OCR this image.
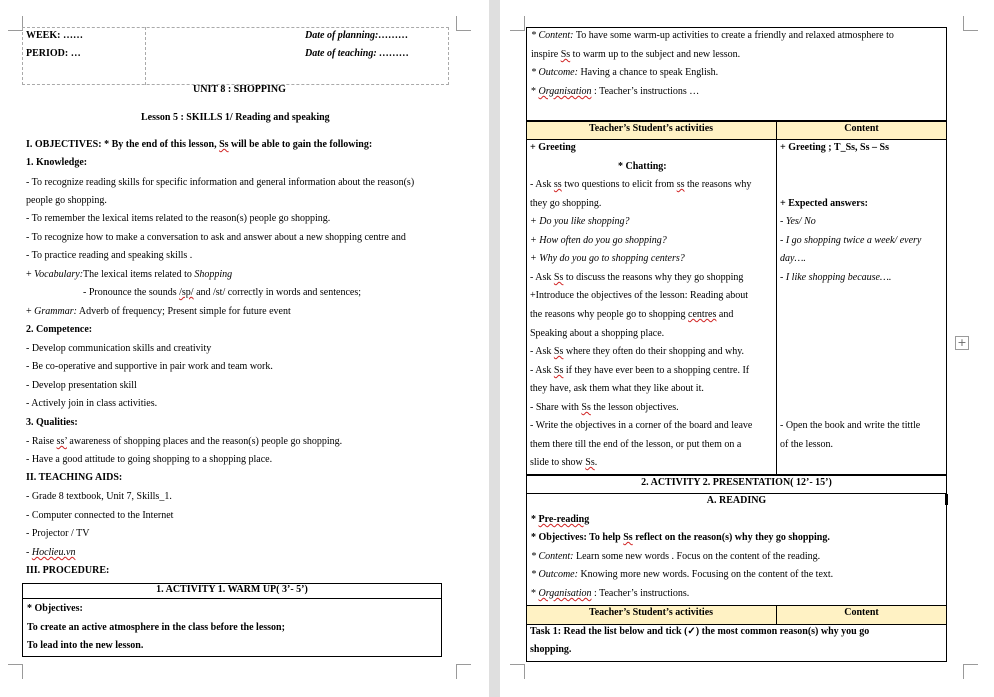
WEEK: ……
PERIOD: …
Date of planning:………
Date of teaching: ………
UNIT 8 : SHOPPING
Lesson 5 : SKILLS 1/ Reading and speaking
I. OBJECTIVES: * By the end of this lesson, Ss will be able to gain the following:
1. Knowledge:
- To recognize reading skills for specific information and general information about the reason(s)
people go shopping.
- To remember the lexical items related to the reason(s) people go shopping.
- To recognize how to make a conversation to ask and answer about a new shopping centre and
- To practice reading and speaking skills .
+ Vocabulary:The lexical items related to Shopping
- Pronounce the sounds /sp/ and /st/ correctly in words and sentences;
+ Grammar: Adverb of frequency; Present simple for future event
2. Competence:
- Develop communication skills and creativity
- Be co-operative and supportive in pair work and team work.
- Develop presentation skill
- Actively join in class activities.
3. Qualities:
- Raise ss’ awareness of shopping places and the reason(s) people go shopping.
- Have a good attitude to going shopping to a shopping place.
II. TEACHING AIDS:
- Grade 8 textbook, Unit 7, Skills_1.
- Computer connected to the Internet
- Projector / TV
- Hoclieu.vn
III. PROCEDURE:
1. ACTIVITY 1. WARM UP( 3’- 5’)
* Objectives:
To create an active atmosphere in the class before the lesson;
To lead into the new lesson.
* Content: To have some warm-up activities to create a friendly and relaxed atmosphere to
inspire Ss to warm up to the subject and new lesson.
* Outcome: Having a chance to speak English.
* Organisation : Teacher’s instructions …
Teacher’s Student’s activities	Content
+ Greeting
* Chatting:
- Ask ss two questions to elicit from ss the reasons why
they go shopping.
+ Do you like shopping?
+ How often do you go shopping?
+ Why do you go to shopping centers?
- Ask Ss to discuss the reasons why they go shopping
+Introduce the objectives of the lesson: Reading about
the reasons why people go to shopping centres and
Speaking about a shopping place.
- Ask Ss where they often do their shopping and why.
- Ask Ss if they have ever been to a shopping centre. If
they have, ask them what they like about it.
- Share with Ss the lesson objectives.
- Write the objectives in a corner of the board and leave
them there till the end of the lesson, or put them on a
slide to show Ss.
+ Greeting ; T_Ss, Ss – Ss
+ Expected answers:
- Yes/ No
- I go shopping twice a week/ every
day….
- I like shopping because….
- Open the book and write the tittle
of the lesson.
2. ACTIVITY 2. PRESENTATION( 12’- 15’)
A. READING
* Pre-reading
* Objectives: To help Ss reflect on the reason(s) why they go shopping.
* Content: Learn some new words . Focus on the content of the reading.
* Outcome: Knowing more new words. Focusing on the content of the text.
* Organisation : Teacher’s instructions.
Teacher’s Student’s activities	Content
Task 1: Read the list below and tick (✓) the most common reason(s) why you go
shopping.
+
